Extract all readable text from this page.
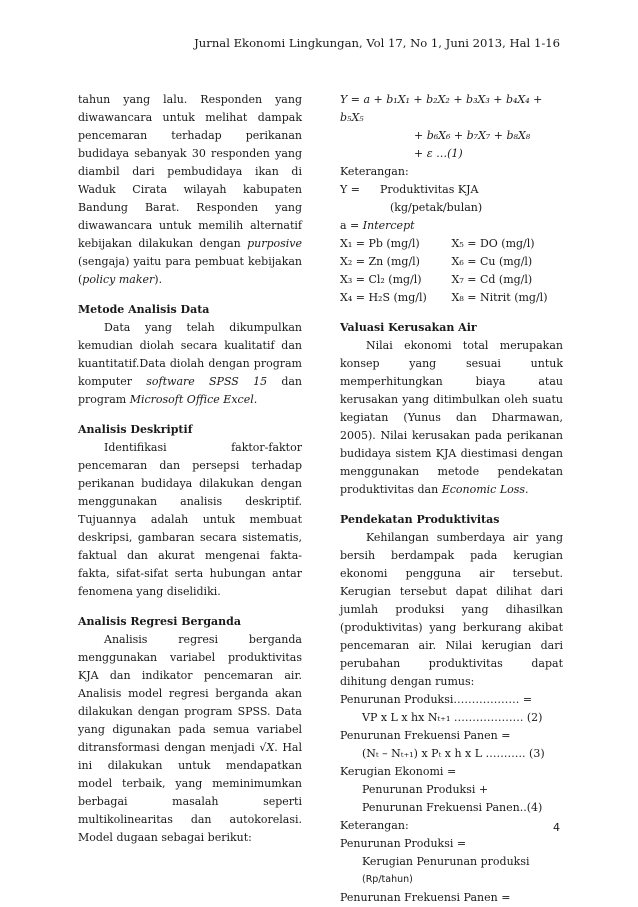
Jurnal Ekonomi Lingkungan, Vol 17, No 1, Juni 2013, Hal 1-16

tahun yang lalu. Responden yang diwawancara untuk melihat dampak pencemaran terhadap perikanan budidaya sebanyak 30 responden yang diambil dari pembudidaya ikan di Waduk Cirata wilayah kabupaten Bandung Barat. Responden yang diwawancara untuk memilih alternatif kebijakan dilakukan dengan purposive (sengaja) yaitu para pembuat kebijakan (policy maker).

Metode Analisis Data

Data yang telah dikumpulkan kemudian diolah secara kualitatif dan kuantitatif.Data diolah dengan program komputer software SPSS 15 dan program Microsoft Office Excel.

Analisis Deskriptif

Identifikasi faktor-faktor pencemaran dan persepsi terhadap perikanan budidaya dilakukan dengan menggunakan analisis deskriptif. Tujuannya adalah untuk membuat deskripsi, gambaran secara sistematis, faktual dan akurat mengenai fakta-fakta, sifat-sifat serta hubungan antar fenomena yang diselidiki.

Analisis Regresi Berganda

Analisis regresi berganda menggunakan variabel produktivitas KJA dan indikator pencemaran air. Analisis model regresi berganda akan dilakukan dengan program SPSS. Data yang digunakan pada semua variabel ditransformasi dengan menjadi √X. Hal ini dilakukan untuk mendapatkan model terbaik, yang meminimumkan berbagai masalah seperti multikolinearitas dan autokorelasi. Model dugaan sebagai berikut:

Y = a + b₁X₁ + b₂X₂ + b₃X₃ + b₄X₄ + b₅X₅
+ b₆X₆ + b₇X₇ + b₈X₈
+ ε …(1)
Keterangan:
Y =	Produktivitas KJA
(kg/petak/bulan)
a = Intercept
X₁ = Pb (mg/l)	X₅ = DO (mg/l)
X₂ = Zn (mg/l)	X₆ = Cu (mg/l)
X₃ = Cl₂ (mg/l)	X₇ = Cd (mg/l)
X₄ = H₂S (mg/l)	X₈ = Nitrit (mg/l)
Valuasi Kerusakan Air

Nilai ekonomi total merupakan konsep yang sesuai untuk memperhitungkan biaya atau kerusakan yang ditimbulkan oleh suatu kegiatan (Yunus dan Dharmawan, 2005). Nilai kerusakan pada perikanan budidaya sistem KJA diestimasi dengan menggunakan metode pendekatan produktivitas dan Economic Loss.

Pendekatan Produktivitas

Kehilangan sumberdaya air yang bersih berdampak pada kerugian ekonomi pengguna air tersebut. Kerugian tersebut dapat dilihat dari jumlah produksi yang dihasilkan (produktivitas) yang berkurang akibat pencemaran air. Nilai kerugian dari perubahan produktivitas dapat dihitung dengan rumus:

Penurunan Produksi……………… =
VP x L x hx Nₜ₊₁ ………………. (2)
Penurunan Frekuensi Panen =
(Nₜ – Nₜ₊₁) x Pₜ x h x L ……….. (3)
Kerugian Ekonomi =
Penurunan Produksi +
Penurunan Frekuensi Panen..(4)
Keterangan:
Penurunan Produksi =
Kerugian Penurunan produksi
(Rp/tahun)
Penurunan Frekuensi Panen =
4
